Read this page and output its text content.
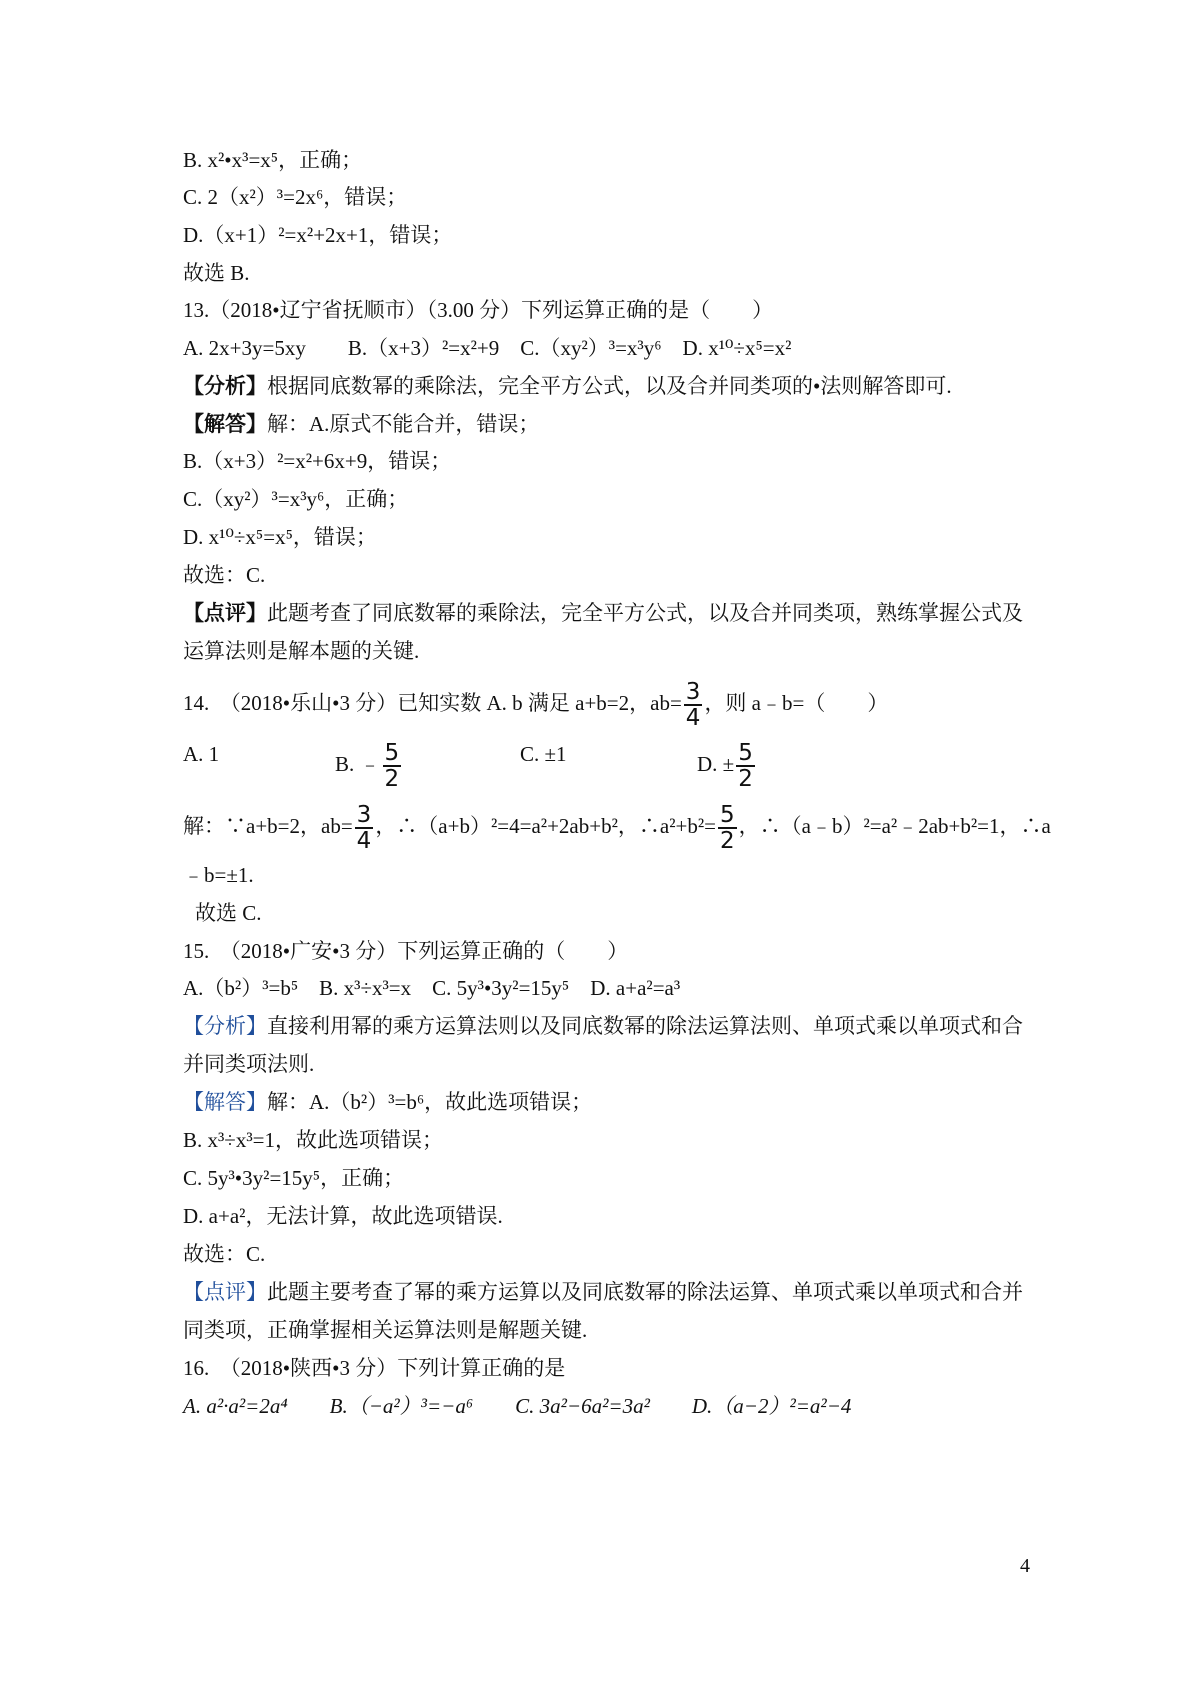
B. x²•x³=x⁵，正确；
C. 2（x²）³=2x⁶，错误；
D.（x+1）²=x²+2x+1，错误；
故选 B.
13.（2018•辽宁省抚顺市）（3.00 分）下列运算正确的是（　　）
A. 2x+3y=5xy　　B.（x+3）²=x²+9　C.（xy²）³=x³y⁶　D. x¹⁰÷x⁵=x²
【分析】根据同底数幂的乘除法，完全平方公式，以及合并同类项的•法则解答即可.
【解答】解：A.原式不能合并，错误；
B.（x+3）²=x²+6x+9，错误；
C.（xy²）³=x³y⁶，正确；
D. x¹⁰÷x⁵=x⁵，错误；
故选：C.
【点评】此题考查了同底数幂的乘除法，完全平方公式，以及合并同类项，熟练掌握公式及
运算法则是解本题的关键.
14.　（2018•乐山•3 分）已知实数 A. b 满足 a+b=2，$ab= \frac{3}{4}$ ，则 a﹣b=（　　）
A. 1	B. ﹣ $\frac{5}{2}$	C. ±1	D. ± $\frac{5}{2}$
解：∵a+b=2，$ab= \frac{3}{4}$ ，∴（a+b）²=4=a²+2ab+b²，∴a²+b²= $\frac{5}{2}$ ，∴（a﹣b）²=a²﹣2ab+b²=1，∴a
﹣b=±1.
故选 C.
15.　（2018•广安•3 分）下列运算正确的（　　）
A.（b²）³=b⁵　B. x³÷x³=x　C. 5y³•3y²=15y⁵　D. a+a²=a³
【分析】直接利用幂的乘方运算法则以及同底数幂的除法运算法则、单项式乘以单项式和合
并同类项法则.
【解答】解：A.（b²）³=b⁶，故此选项错误；
B. x³÷x³=1，故此选项错误；
C. 5y³•3y²=15y⁵，正确；
D. a+a²，无法计算，故此选项错误.
故选：C.
【点评】此题主要考查了幂的乘方运算以及同底数幂的除法运算、单项式乘以单项式和合并
同类项，正确掌握相关运算法则是解题关键.
16.　（2018•陕西•3 分）下列计算正确的是
A. a²·a²=2a⁴　　B.（−a²）³=−a⁶　　C. 3a²−6a²=3a²　　D.（a−2）²=a²−4
4
